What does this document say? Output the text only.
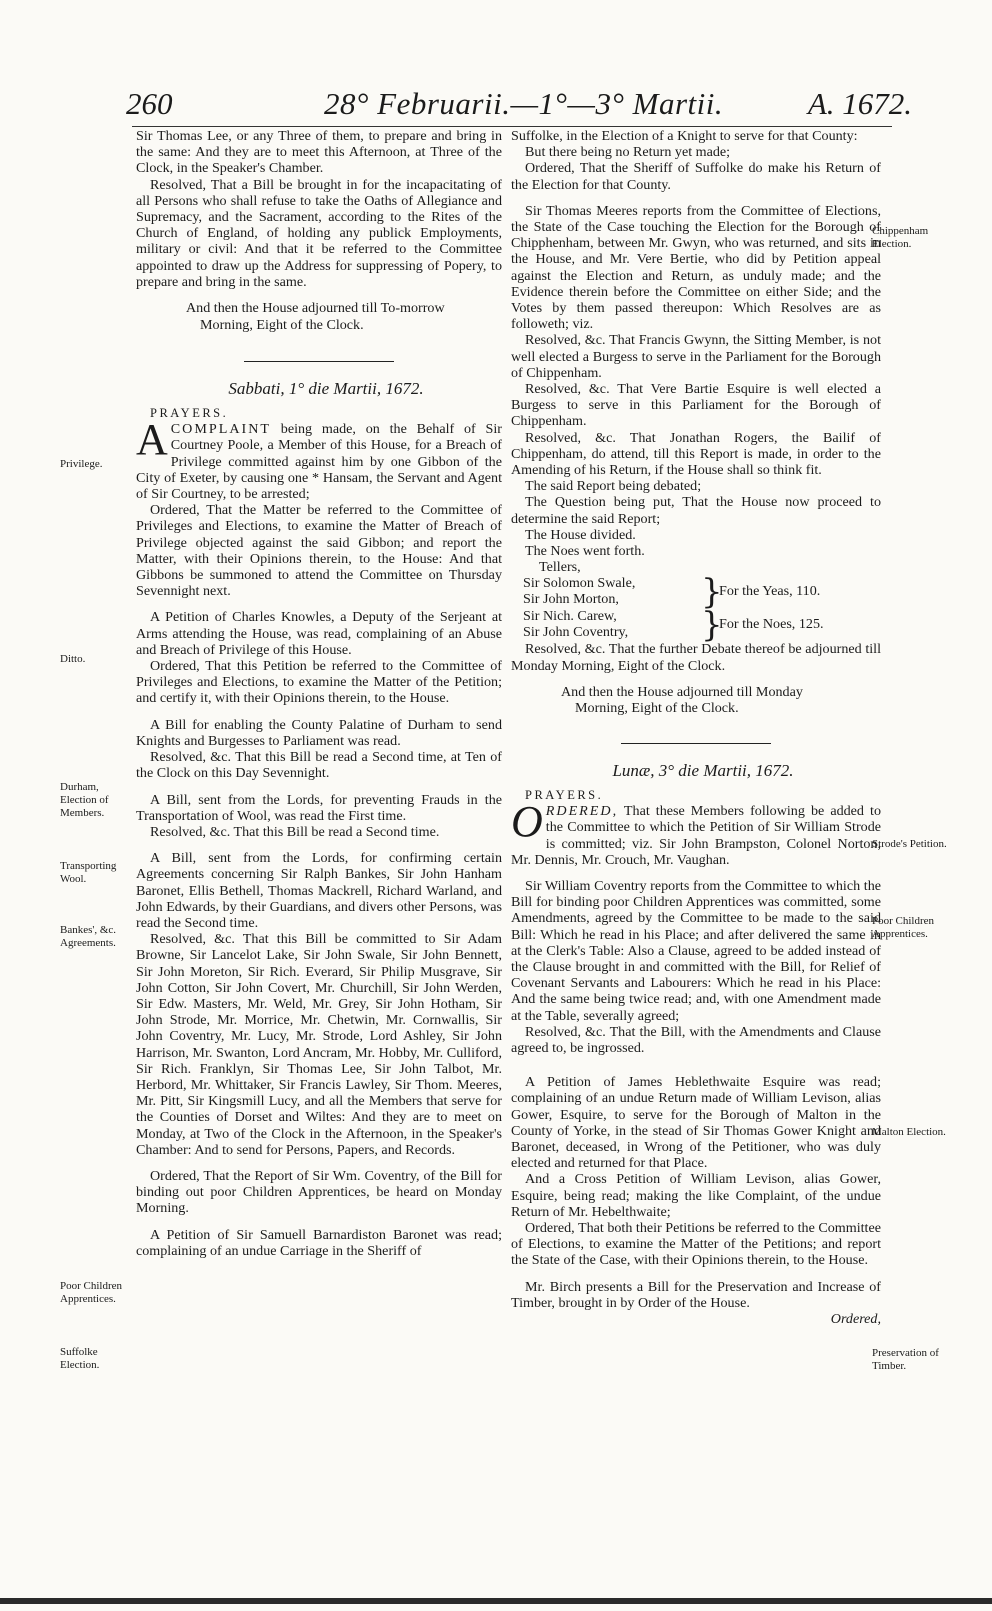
260	28° Februarii.—1°—3° Martii.	A. 1672.

Sir Thomas Lee, or any Three of them, to prepare and bring in the same: And they are to meet this Afternoon, at Three of the Clock, in the Speaker's Chamber.

Resolved, That a Bill be brought in for the incapacitating of all Persons who shall refuse to take the Oaths of Allegiance and Supremacy, and the Sacrament, according to the Rites of the Church of England, of holding any publick Employments, military or civil: And that it be referred to the Committee appointed to draw up the Address for suppressing of Popery, to prepare and bring in the same.

And then the House adjourned till To-morrow
Morning, Eight of the Clock.

Sabbati, 1° die Martii, 1672.

PRAYERS.

ACOMPLAINT being made, on the Behalf of Sir Courtney Poole, a Member of this House, for a Breach of Privilege committed against him by one Gibbon of the City of Exeter, by causing one * Hansam, the Servant and Agent of Sir Courtney, to be arrested;

Ordered, That the Matter be referred to the Committee of Privileges and Elections, to examine the Matter of Breach of Privilege objected against the said Gibbon; and report the Matter, with their Opinions therein, to the House: And that Gibbons be summoned to attend the Committee on Thursday Sevennight next.

A Petition of Charles Knowles, a Deputy of the Serjeant at Arms attending the House, was read, complaining of an Abuse and Breach of Privilege of this House.

Ordered, That this Petition be referred to the Committee of Privileges and Elections, to examine the Matter of the Petition; and certify it, with their Opinions therein, to the House.

A Bill for enabling the County Palatine of Durham to send Knights and Burgesses to Parliament was read.

Resolved, &c. That this Bill be read a Second time, at Ten of the Clock on this Day Sevennight.

A Bill, sent from the Lords, for preventing Frauds in the Transportation of Wool, was read the First time.

Resolved, &c. That this Bill be read a Second time.

A Bill, sent from the Lords, for confirming certain Agreements concerning Sir Ralph Bankes, Sir John Hanham Baronet, Ellis Bethell, Thomas Mackrell, Richard Warland, and John Edwards, by their Guardians, and divers other Persons, was read the Second time.

Resolved, &c. That this Bill be committed to Sir Adam Browne, Sir Lancelot Lake, Sir John Swale, Sir John Bennett, Sir John Moreton, Sir Rich. Everard, Sir Philip Musgrave, Sir John Cotton, Sir John Covert, Mr. Churchill, Sir John Werden, Sir Edw. Masters, Mr. Weld, Mr. Grey, Sir John Hotham, Sir John Strode, Mr. Morrice, Mr. Chetwin, Mr. Cornwallis, Sir John Coventry, Mr. Lucy, Mr. Strode, Lord Ashley, Sir John Harrison, Mr. Swanton, Lord Ancram, Mr. Hobby, Mr. Culliford, Sir Rich. Franklyn, Sir Thomas Lee, Sir John Talbot, Mr. Herbord, Mr. Whittaker, Sir Francis Lawley, Sir Thom. Meeres, Mr. Pitt, Sir Kingsmill Lucy, and all the Members that serve for the Counties of Dorset and Wiltes: And they are to meet on Monday, at Two of the Clock in the Afternoon, in the Speaker's Chamber: And to send for Persons, Papers, and Records.

Ordered, That the Report of Sir Wm. Coventry, of the Bill for binding out poor Children Apprentices, be heard on Monday Morning.

A Petition of Sir Samuell Barnardiston Baronet was read; complaining of an undue Carriage in the Sheriff of

Suffolke, in the Election of a Knight to serve for that County:

But there being no Return yet made;

Ordered, That the Sheriff of Suffolke do make his Return of the Election for that County.

Sir Thomas Meeres reports from the Committee of Elections, the State of the Case touching the Election for the Borough of Chipphenham, between Mr. Gwyn, who was returned, and sits in the House, and Mr. Vere Bertie, who did by Petition appeal against the Election and Return, as unduly made; and the Evidence therein before the Committee on either Side; and the Votes by them passed thereupon: Which Resolves are as followeth; viz.

Resolved, &c. That Francis Gwynn, the Sitting Member, is not well elected a Burgess to serve in the Parliament for the Borough of Chippenham.

Resolved, &c. That Vere Bartie Esquire is well elected a Burgess to serve in this Parliament for the Borough of Chippenham.

Resolved, &c. That Jonathan Rogers, the Bailif of Chippenham, do attend, till this Report is made, in order to the Amending of his Return, if the House shall so think fit.

The said Report being debated;

The Question being put, That the House now proceed to determine the said Report;

The House divided.

The Noes went forth.

Tellers,

Sir Solomon Swale,
Sir John Morton, }
For the Yeas, 110.
Sir Nich. Carew,
Sir John Coventry, }
For the Noes, 125.

Resolved, &c. That the further Debate thereof be adjourned till Monday Morning, Eight of the Clock.

And then the House adjourned till Monday
Morning, Eight of the Clock.

Lunæ, 3° die Martii, 1672.

PRAYERS.

ORDERED, That these Members following be added to the Committee to which the Petition of Sir William Strode is committed; viz. Sir John Brampston, Colonel Norton, Mr. Dennis, Mr. Crouch, Mr. Vaughan.

Sir William Coventry reports from the Committee to which the Bill for binding poor Children Apprentices was committed, some Amendments, agreed by the Committee to be made to the said Bill: Which he read in his Place; and after delivered the same in at the Clerk's Table: Also a Clause, agreed to be added instead of the Clause brought in and committed with the Bill, for Relief of Covenant Servants and Labourers: Which he read in his Place: And the same being twice read; and, with one Amendment made at the Table, severally agreed;

Resolved, &c. That the Bill, with the Amendments and Clause agreed to, be ingrossed.

A Petition of James Heblethwaite Esquire was read; complaining of an undue Return made of William Levison, alias Gower, Esquire, to serve for the Borough of Malton in the County of Yorke, in the stead of Sir Thomas Gower Knight and Baronet, deceased, in Wrong of the Petitioner, who was duly elected and returned for that Place.

And a Cross Petition of William Levison, alias Gower, Esquire, being read; making the like Complaint, of the undue Return of Mr. Hebelthwaite;

Ordered, That both their Petitions be referred to the Committee of Elections, to examine the Matter of the Petitions; and report the State of the Case, with their Opinions therein, to the House.

Mr. Birch presents a Bill for the Preservation and Increase of Timber, brought in by Order of the House.

Ordered,

Privilege.
Ditto.
Durham, Election of Members.
Transporting Wool.
Bankes', &c. Agreements.
Poor Children Apprentices.
Suffolke Election.
Chippenham Election.
Strode's Petition.
Poor Children Apprentices.
Malton Election.
Preservation of Timber.
